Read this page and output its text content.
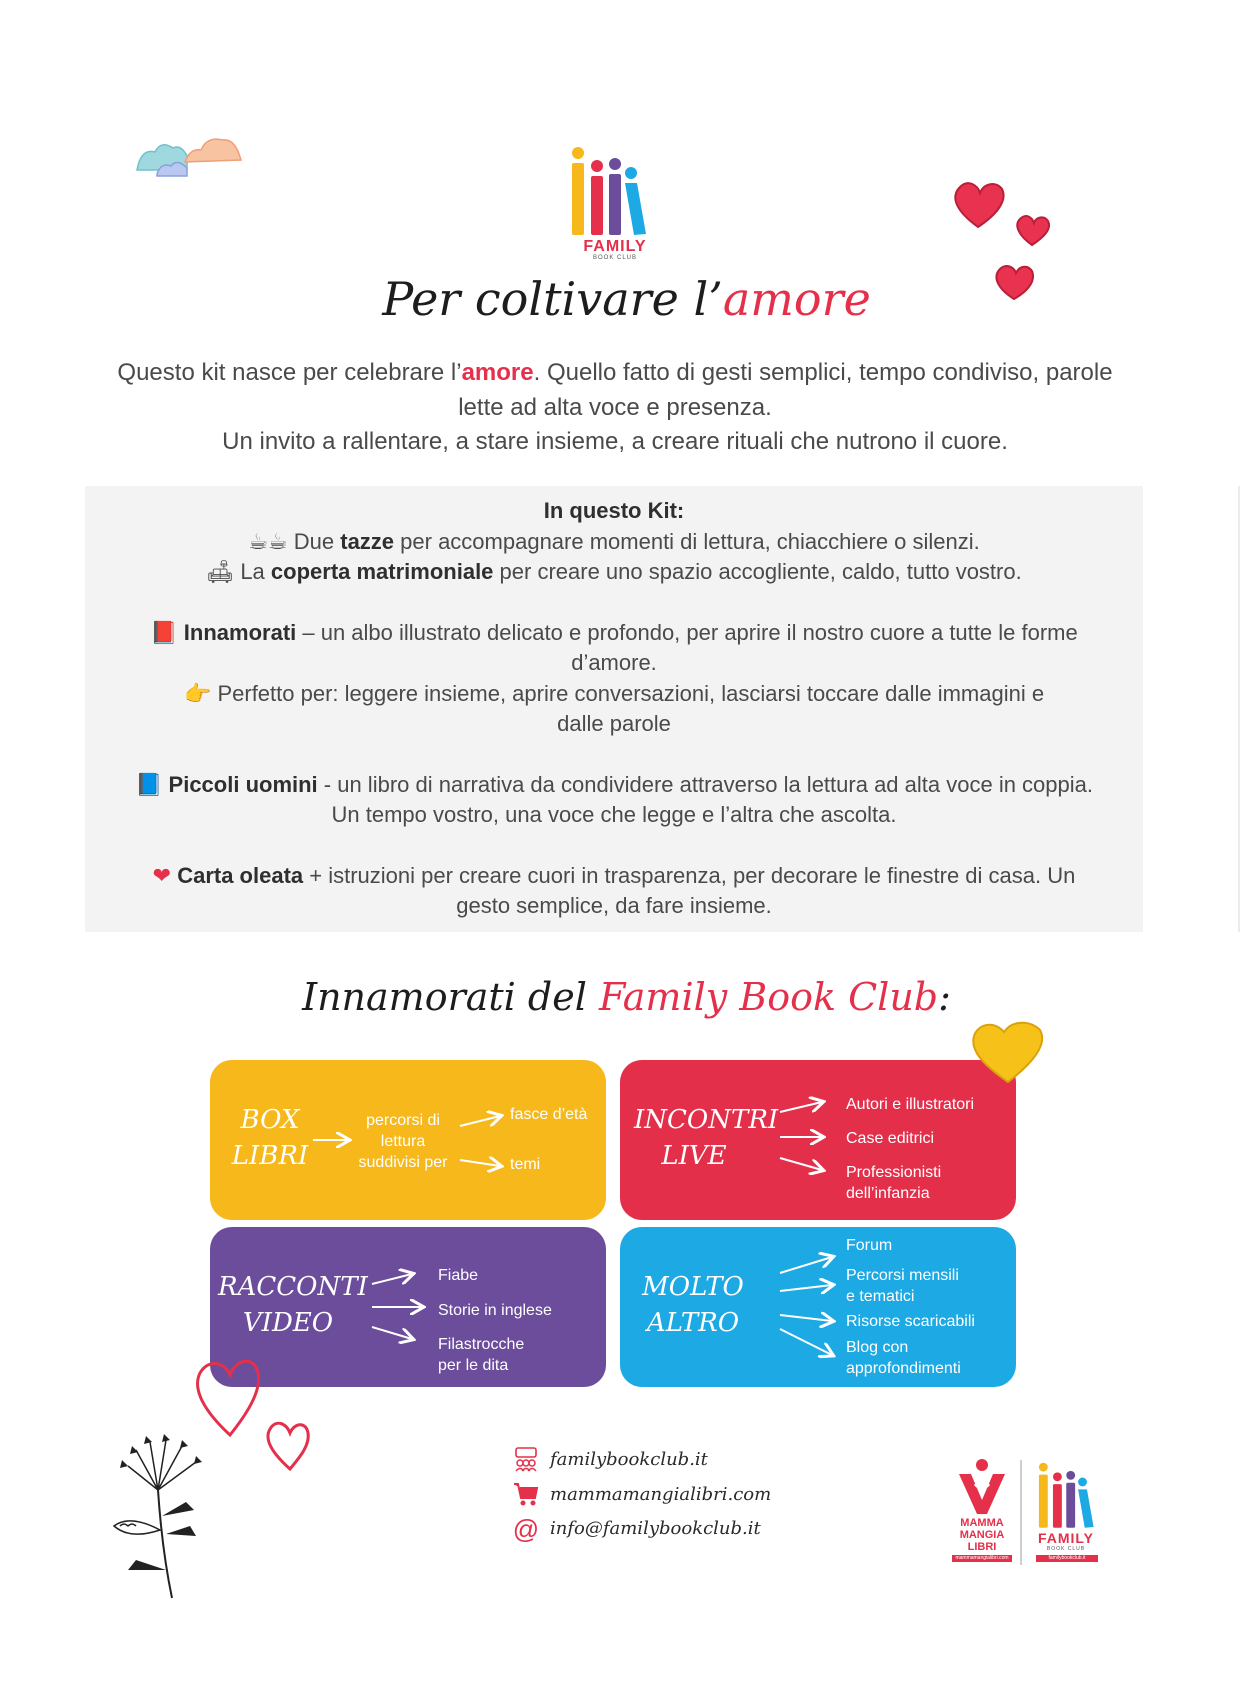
FAMILY
BOOK CLUB
Per coltivare l’amore
Questo kit nasce per celebrare l’amore. Quello fatto di gesti semplici, tempo condiviso, parole lette ad alta voce e presenza.
Un invito a rallentare, a stare insieme, a creare rituali che nutrono il cuore.

In questo Kit:

☕☕ Due tazze per accompagnare momenti di lettura, chiacchiere o silenzi.

🛋 La coperta matrimoniale per creare uno spazio accogliente, caldo, tutto vostro.

📕 Innamorati – un albo illustrato delicato e profondo, per aprire il nostro cuore a tutte le forme d’amore.

👉 Perfetto per: leggere insieme, aprire conversazioni, lasciarsi toccare dalle immagini e dalle parole

📘 Piccoli uomini - un libro di narrativa da condividere attraverso la lettura ad alta voce in coppia. Un tempo vostro, una voce che legge e l’altra che ascolta.

❤ Carta oleata + istruzioni per creare cuori in trasparenza, per decorare le finestre di casa. Un gesto semplice, da fare insieme.

Innamorati del Family Book Club:
BOX
LIBRI
percorsi di
lettura
suddivisi per
fasce d’età
temi
INCONTRI
LIVE
Autori e illustratori
Case editrici
Professionisti
dell’infanzia
RACCONTI
VIDEO
Fiabe
Storie in inglese
Filastrocche
per le dita
MOLTO
ALTRO
Forum
Percorsi mensili
e tematici
Risorse scaricabili
Blog con
approfondimenti
familybookclub.it
mammamangialibri.com
@ info@familybookclub.it	MAMMA
MANGIA
LIBRI
mammamangialibri.com
FAMILY
BOOK CLUB
familybookclub.it
